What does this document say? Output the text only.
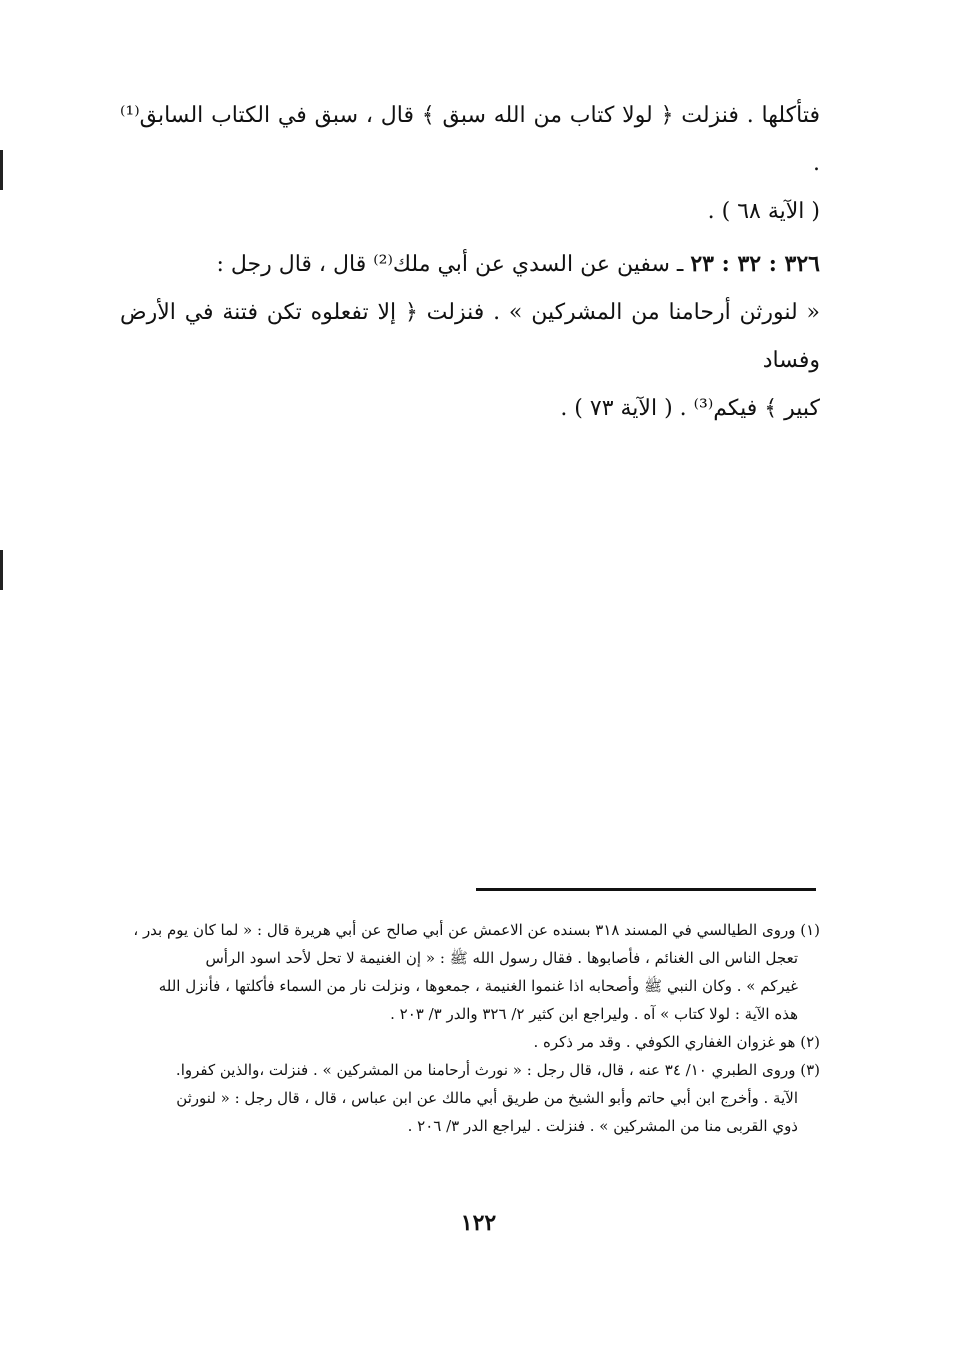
فتأكلها . فنزلت ﴿ لولا كتاب من الله سبق ﴾ قال ، سبق في الكتاب السابق⁽¹⁾ .

( الآية ٦٨ ) .

٣٢٦ : ٣٢ : ٢٣ ـ سفين عن السدي عن أبي ملك⁽²⁾ قال ، قال رجل :

« لنورثن أرحامنا من المشركين » . فنزلت ﴿ إلا تفعلوه تكن فتنة في الأرض وفساد

كبير ﴾ فيكم⁽³⁾ . ( الآية ٧٣ ) .

(١) وروى الطيالسي في المسند ٣١٨ بسنده عن الاعمش عن أبي صالح عن أبي هريرة قال : « لما كان يوم بدر ،

تعجل الناس الى الغنائم ، فأصابوها . فقال رسول الله ﷺ : « إن الغنيمة لا تحل لأحد اسود الرأس

غيركم » . وكان النبي ﷺ وأصحابه اذا غنموا الغنيمة ، جمعوها ، ونزلت نار من السماء فأكلتها ، فأنزل الله

هذه الآية : لولا كتاب » آه . وليراجع ابن كثير ٢/ ٣٢٦ والدر ٣/ ٢٠٣ .

(٢) هو غزوان الغفاري الكوفي . وقد مر ذكره .

(٣) وروى الطبري ١٠/ ٣٤ عنه ، قال، قال رجل : « نورث أرحامنا من المشركين » . فنزلت ،والذين كفروا.

الآية . وأخرج ابن أبي حاتم وأبو الشيخ من طريق أبي مالك عن ابن عباس ، قال ، قال رجل : « لنورثن

ذوي القربى منا من المشركين » . فنزلت . ليراجع الدر ٣/ ٢٠٦ .

١٢٢
